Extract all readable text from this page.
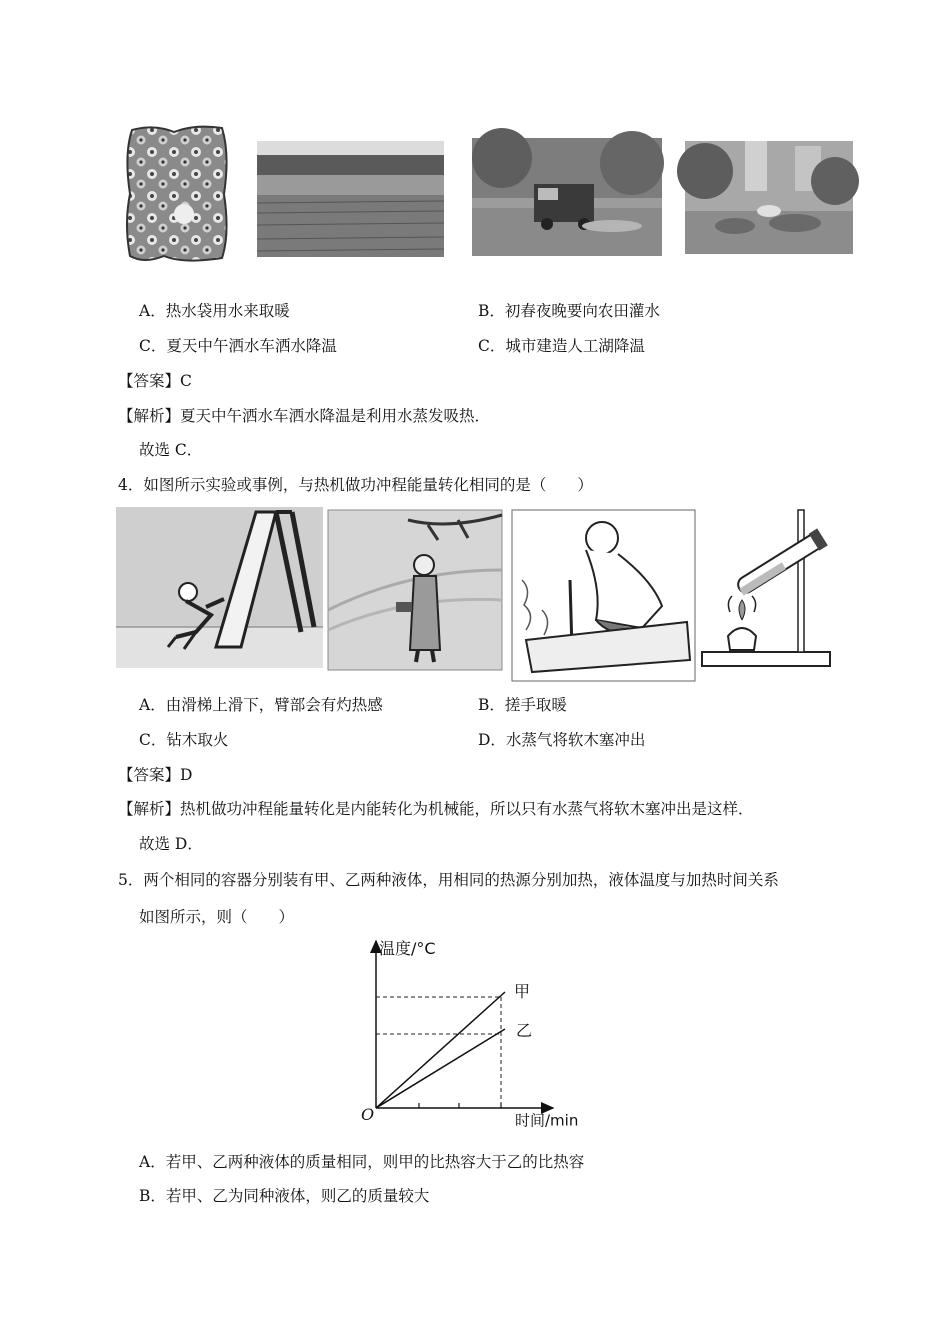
A．热水袋用水来取暖	B．初春夜晚要向农田灌水
C．夏天中午洒水车洒水降温	C．城市建造人工湖降温
【答案】C
【解析】夏天中午洒水车洒水降温是利用水蒸发吸热．
故选 C．
4．如图所示实验或事例，与热机做功冲程能量转化相同的是（　　）
A．由滑梯上滑下，臂部会有灼热感	B．搓手取暖
C．钻木取火	D．水蒸气将软木塞冲出
【答案】D
【解析】热机做功冲程能量转化是内能转化为机械能，所以只有水蒸气将软木塞冲出是这样．
故选 D．
5．两个相同的容器分别装有甲、乙两种液体，用相同的热源分别加热，液体温度与加热时间关系
如图所示，则（　　）
温度/°C
时间/min
O
甲
乙
A．若甲、乙两种液体的质量相同，则甲的比热容大于乙的比热容
B．若甲、乙为同种液体，则乙的质量较大
